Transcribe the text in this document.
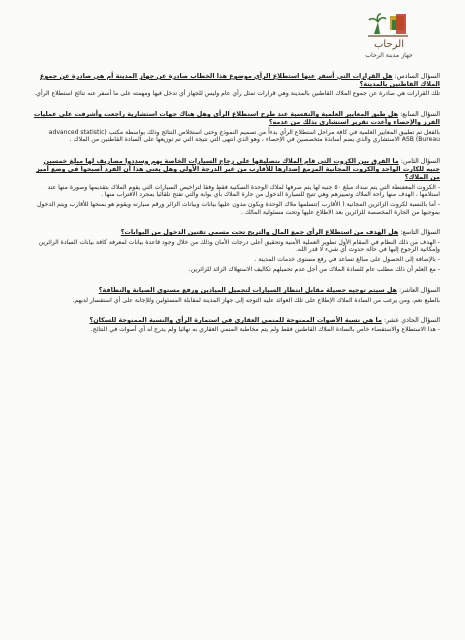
الرحاب
جهاز مدينة الرحاب

السؤال السادس: هل القرارات التي أسفر عنها استطلاع الرأي موضوع هذا الخطاب صادرة عن جهاز المدينة أم هي صادرة عن جموع الملاك القاطنين بالمدينة؟

تلك القرارات هي صادرة عن جموع الملاك القاطنين بالمدينة وهي قرارات تمثل رأي عام وليس للجهاز أي تدخل فيها ومهمته على ما أسفر عنه نتائج استطلاع الرأي.

السؤال السابع: هل طبق المعايير العلمية والنفسية عند طرح استطلاع الرأي وهل هناك جهات استشارية راجعت وأشرفت على عمليات الفرز والإحصاء وأعدت تقرير استشاري بذلك من عدمه؟

بالفعل تم تطبيق المعايير العلمية في كافة مراحل استطلاع الرأي بدءاً من تصميم النموذج وحتى استخلاص النتائج وذلك بواسطة مكتب (advanced statistic Bureau) ASB الاستشاري والذي يضم أساتذة متخصصين في الإحصاء ، وهو الذي انتهى التي نتيجة التي تم توزيعها على السادة القاطنين من الملاك .

السؤال الثامن: ما الفرق بين الكروت التي قام الملاك بتصليقها على زجاج السيارات الخاصة بهم وسددوا مصاريف لها مبلغ خمسين جنيه للكارت الواحد والكروت المجانية المزمع إصدارها للأقارب من غير الدرجة الأولى وهل يعني هذا أن الفرد أصبحوا في وضع أميز من الملاك؟

- الكروت المعفنطة التي يتم سداد مبلغ ٥٠ جنيه لها يتم صرفها لملاك الوحدة السكنية فقط وفقا لتراخيص السيارات التي يقوم الملاك بتقديمها وصورة منها عند استلامها ، الهدف منها راحة الملاك وتمييزهم وهي تتيح للسيارة الدخول من حارة الملاك بأي بوابة والتي تفتح تلقائيا بمجرد الاقتراب منها .

- أما بالنسبة لكروت الزائرين المجانية ( الأقارب )تتسلمها ملاك الوحدة ويكون مدون عليها بيانات وبيانات الزائر ورقم سيارته ويقوم هو بمنحها للأقارب ويتم الدخول بموجبها من الحارة المخصصة للزائرين بعد الاطلاع عليها وتحت مسئولية المالك .

السؤال التاسع: هل الهدف من استطلاع الرأي جمع المال والتربح تحت مسمى تقنين الدخول من البوابات؟

- الهدف من ذلك النظام في المقام الأول تطوير العملية الأمنية وتحقيق أعلى درجات الأمان وذلك من خلال وجود قاعدة بيانات لمعرفة كافة بيانات السادة الزائرين وإمكانية الرجوع إليها في حالة حدوث أي شيء لا قدر الله.

- بالإضافة إلى الحصول على مبالغ تساعد في رفع مستوى خدمات المدينة .

- مع العلم أن ذلك مطلب عام للسادة الملاك من أجل عدم تحميلهم تكاليف الاستهلاك الزائد للزائرين.

السؤال العاشر: هل سيتم توجيه حصيلة مقابل انتظار السيارات لتجميل الميادين ورفع مستوى الصيانة والنظافة؟

بالطبع نعم، ومن يرغب من السادة الملاك الإطلاع على تلك العوائد عليه التوجه إلى جهاز المدينة لمقابلة المسئولين وللإجابة على أي استفسار لديهم.

السؤال الحادي عشر: ما هي نسبة الأصوات الممنوحة للمنمي العقاري في استمارة الرأي والنسبة الممنوحة للسكان؟

- هذا الاستطلاع والاستفصاء خاص بالسادة الملاك القاطنين فقط ولم يتم مخاطبة المنمي العقاري به نهائيا ولم يدرج له أي أصوات في النتائج.
